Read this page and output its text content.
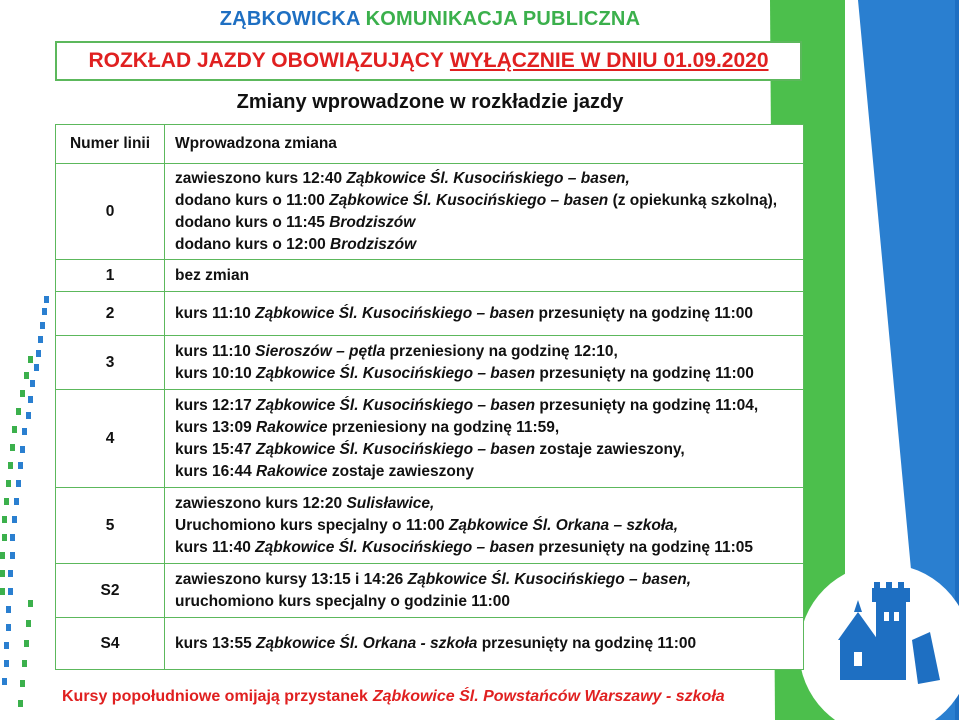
ZĄBKOWICKA KOMUNIKACJA PUBLICZNA
ROZKŁAD JAZDY OBOWIĄZUJĄCY WYŁĄCZNIE W DNIU 01.09.2020
Zmiany wprowadzone w rozkładzie jazdy
Numer linii	Wprowadzona zmiana
0	zawieszono kurs 12:40 Ząbkowice Śl. Kusocińskiego – basen,
dodano kurs o 11:00 Ząbkowice Śl. Kusocińskiego – basen (z opiekunką szkolną),
dodano kurs o 11:45 Brodziszów
dodano kurs o 12:00 Brodziszów

1	bez zmian

2	kurs 11:10 Ząbkowice Śl. Kusocińskiego – basen przesunięty na godzinę 11:00

3	kurs 11:10 Sieroszów – pętla przeniesiony na godzinę 12:10,
kurs 10:10 Ząbkowice Śl. Kusocińskiego – basen przesunięty na godzinę 11:00

4	kurs 12:17 Ząbkowice Śl. Kusocińskiego – basen przesunięty na godzinę 11:04,
kurs 13:09 Rakowice przeniesiony na godzinę 11:59,
kurs 15:47 Ząbkowice Śl. Kusocińskiego – basen zostaje zawieszony,
kurs 16:44 Rakowice zostaje zawieszony

5	zawieszono kurs 12:20 Sulisławice,
Uruchomiono kurs specjalny o 11:00 Ząbkowice Śl. Orkana – szkoła,
kurs 11:40 Ząbkowice Śl. Kusocińskiego – basen przesunięty na godzinę 11:05

S2	zawieszono kursy 13:15 i 14:26 Ząbkowice Śl. Kusocińskiego – basen,
uruchomiono kurs specjalny o godzinie 11:00

S4	kurs 13:55 Ząbkowice Śl. Orkana - szkoła przesunięty na godzinę 11:00
Kursy popołudniowe omijają przystanek Ząbkowice Śl. Powstańców Warszawy - szkoła
